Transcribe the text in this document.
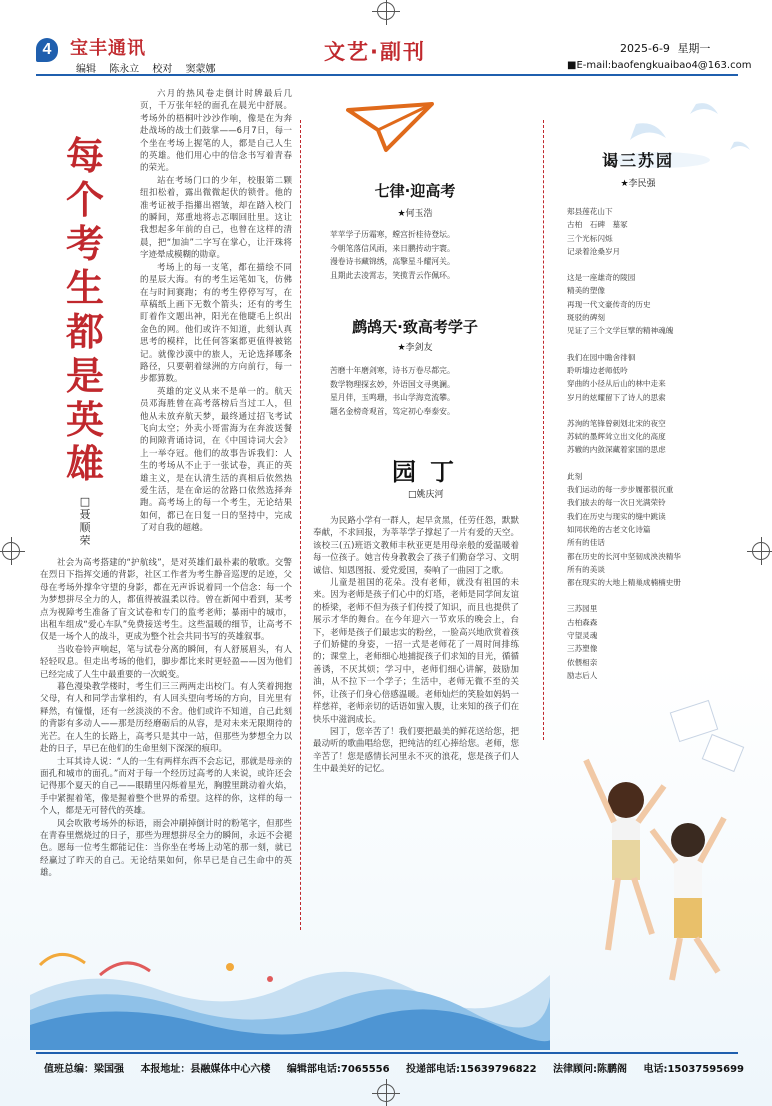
4	宝丰通讯
编辑 陈永立 校对 窦蒙娜
文艺·副刊	2025-6-9 星期一
■E-mail:baofengkuaibao4@163.com
每个考生都是英雄
□聂顺荣

六月的热风卷走倒计时牌最后几页，千万张年轻的面孔在晨光中舒展。考场外的梧桐叶沙沙作响，像是在为奔赴战场的战士们鼓掌——6月7日，每一个坐在考场上握笔的人，都是自己人生的英雄。他们用心中的信念书写着青春的荣光。

站在考场门口的少年，校服第二颗纽扣松着，露出微微起伏的锁骨。他的准考证被手指攥出褶皱，却在踏入校门的瞬间，郑重地将忐忑咽回肚里。这让我想起多年前的自己，也曾在这样的清晨，把“加油”二字写在掌心，让汗珠将字迹晕成模糊的勋章。

考场上的每一支笔，都在描绘不同的星辰大海。有的考生运笔如飞，仿佛在与时间赛跑；有的考生停停写写，在草稿纸上画下无数个箭头；还有的考生盯着作文题出神，阳光在他睫毛上织出金色的网。他们或许不知道，此刻认真思考的模样，比任何答案都更值得被铭记。就像沙漠中的旅人，无论选择哪条路径，只要朝着绿洲的方向前行，每一步都算数。

英雄的定义从来不是单一的。航天员邓海胜曾在高考落榜后当过工人，但他从未放弃航天梦，最终通过招飞考试飞向太空；外卖小哥雷海为在奔波送餐的间隙背诵诗词，在《中国诗词大会》上一举夺冠。他们的故事告诉我们：人生的考场从不止于一张试卷，真正的英雄主义，是在认清生活的真相后依然热爱生活，是在命运的岔路口依然选择奔跑。高考场上的每一个考生，无论结果如何，都已在日复一日的坚持中，完成了对自我的超越。

社会为高考搭建的“护航线”，是对英雄们最朴素的敬歌。交警在烈日下指挥交通的背影，社区工作者为考生静音巡逻的足迹，父母在考场外撑伞守望的身影，都在无声诉说着同一个信念：每一个为梦想拼尽全力的人，都值得被温柔以待。曾在新闻中看到，某考点为视障考生准备了盲文试卷和专门的监考老师；暴雨中的城市，出租车组成“爱心车队”免费接送考生。这些温暖的细节，让高考不仅是一场个人的战斗，更成为整个社会共同书写的英雄叙事。

当收卷铃声响起，笔与试卷分离的瞬间，有人舒展眉头，有人轻轻叹息。但走出考场的他们，脚步都比来时更轻盈——因为他们已经完成了人生中最重要的一次蜕变。

暮色漫染教学楼时，考生们三三两两走出校门。有人笑着拥抱父母，有人和同学击掌相约，有人回头望向考场的方向，目光里有释然，有憧憬，还有一丝淡淡的不舍。他们或许不知道，自己此刻的背影有多动人——那是历经磨砺后的从容，是对未来无限期待的光芒。在人生的长路上，高考只是其中一站，但那些为梦想全力以赴的日子，早已在他们的生命里刻下深深的痕印。

士耳其诗人说：“人的一生有两样东西不会忘记，那就是母亲的面孔和城市的面孔。”而对于每一个经历过高考的人来说，或许还会记得那个夏天的自己——眼睛里闪烁着星光，胸膛里跳动着火焰，手中紧握着笔，像是握着整个世界的希望。这样的你，这样的每一个人，都是无可替代的英雄。

风会吹散考场外的标语，雨会冲刷掉倒计时的粉笔字，但那些在青春里燃烧过的日子，那些为理想拼尽全力的瞬间，永远不会褪色。愿每一位考生都能记住：当你坐在考场上动笔的那一刻，就已经赢过了昨天的自己。无论结果如何，你早已是自己生命中的英雄。

七律·迎高考
★何玉浩
苹苹学子历霜寒，螳宫折桂待登坛。
今朝笔落信风雨，来日鹏抟动宇寰。
漫卷诗书藏锦绣，高擎星斗耀河关。
且期此去凌霄志，笑揽青云作佩环。
鹧鸪天·致高考学子
★李剑友
苦磨十年磨剑寒，诗书万卷尽都完。
数学物理探玄妙，外语国文寻奥澜。
星月伴，玉鸣珊，书山学海竞流攀。
题名金榜奇观首，笃定初心奉泰安。
园丁
□姚庆河

为民路小学有一群人，起早贪黑，任劳任怨，默默奉献，不求回报，为莘莘学子撑起了一片有爱的天空。该校三(五)班语文教师丰秋亚更是用母亲般的爱温暖着每一位孩子。她言传身教教会了孩子们勤奋学习、文明诚信、知恩图报、爱党爱国，奏响了一曲园丁之歌。

儿童是祖国的花朵。没有老师，就没有祖国的未来。因为老师是孩子们心中的灯塔，老师是同学间友谊的桥梁，老师不但为孩子们传授了知识，而且也提供了展示才华的舞台。在今年迎六一节欢乐的晚会上，台下，老师是孩子们最忠实的粉丝，一脸高兴地欣赏着孩子们娇健的身姿，一招一式是老师花了一周时间排练的；课堂上，老师细心地捕捉孩子们求知的目光，循循善诱，不厌其烦；学习中，老师们细心讲解，鼓励加油，从不拉下一个学子；生活中，老师无微不至的关怀，让孩子们身心倍感温暖。老师灿烂的笑脸如妈妈一样慈祥，老师亲切的话语如蜜入腹，让来知的孩子们在快乐中滋润成长。

园丁，您辛苦了！我们要把最美的鲜花送给您，把最动听的歌曲唱给您，把纯洁的红心捧给您。老师，您辛苦了！您是感情长河里永不灭的浪花，您是孩子们人生中最美好的记忆。

谒三苏园
★李民强
郏县莲花山下
古柏　石碑　墓冢
三个光标闪烁
记录着沧桑岁月
这是一座雄奇的陵园
精美的塑像
再现一代文豪传奇的历史
斑驳的碑刻
见证了三个文学巨擘的精神魂魄
我们在园中瞻舍徘徊
聆听墙边老师低吟
穿曲的小径从后山的林中走来
岁月的炫耀留下了诗人的思索
苏洵的笔锋曾刺划北宋的夜空
苏轼的墨辉耸立出文化的高度
苏辙的内敛深藏着家国的思虑
此刻
我们运动的每一步步履都很沉重
我们拔去的每一次日光满荣铃
我们在历史与现实的缝中跳读
如同状绝的古老文化诗篇
所有的佳话
都在历史的长河中坚韧成泱泱精华
所有的美谈
都在现实的大地上精巢成楠楠史册
三苏园里
古柏森森
守望灵魂
三苏塑像
依偎相亲
励志后人
值班总编：梁国强 本报地址：县融媒体中心六楼 编辑部电话:7065556 投递部电话:15639796822 法律顾问:陈鹏阁 电话:15037595699
